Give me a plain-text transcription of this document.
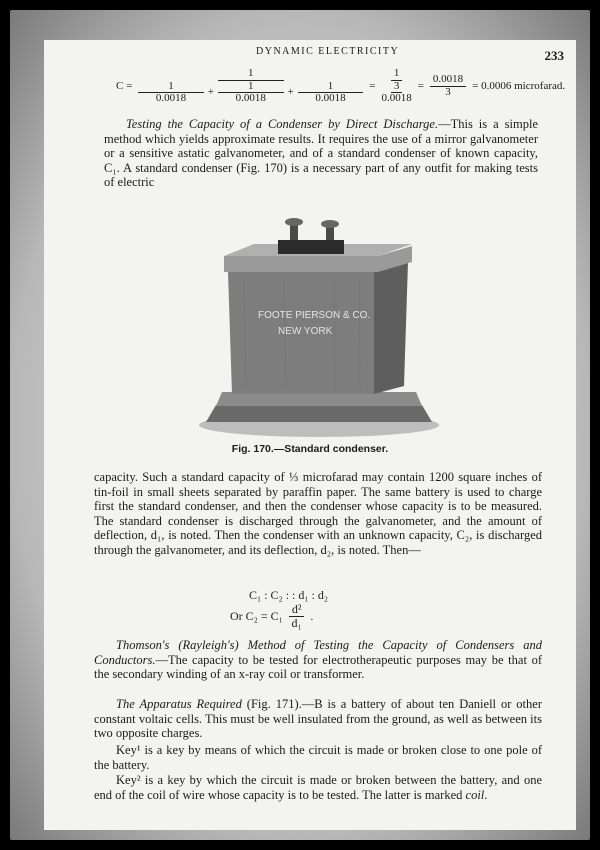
DYNAMIC ELECTRICITY	233
$C = \frac{1}{\frac{1}{0.0018} + \frac{1}{0.0018} + \frac{1}{0.0018}} = \frac{1}{\frac{3}{0.0018}} = \frac{0.0018}{3} = 0.0006$ microfarad.

Testing the Capacity of a Condenser by Direct Discharge.—This is a simple method which yields approximate results. It requires the use of a mirror galvanometer or a sensitive astatic galvanometer, and of a standard condenser of known capacity, C₁. A standard condenser (Fig. 170) is a necessary part of any outfit for making tests of electric

FOOTE PIERSON & CO.
NEW YORK
Fig. 170.—Standard condenser.

capacity. Such a standard capacity of ⅓ microfarad may contain 1200 square inches of tin-foil in small sheets separated by paraffin paper. The same battery is used to charge first the standard condenser, and then the condenser whose capacity is to be measured. The standard condenser is discharged through the galvanometer, and the amount of deflection, d₁, is noted. Then the condenser with an unknown capacity, C₂, is discharged through the galvanometer, and its deflection, d₂, is noted. Then—

C₁ : C₂ : : d₁ : d₂
Or $C_2 = C_1 \frac{\text{d²}}{\text{d₁}}$ .

Thomson's (Rayleigh's) Method of Testing the Capacity of Condensers and Conductors.—The capacity to be tested for electrotherapeutic purposes may be that of the secondary winding of an x-ray coil or transformer.

The Apparatus Required (Fig. 171).—B is a battery of about ten Daniell or other constant voltaic cells. This must be well insulated from the ground, as well as between its two opposite charges.

Key¹ is a key by means of which the circuit is made or broken close to one pole of the battery.

Key² is a key by which the circuit is made or broken between the battery, and one end of the coil of wire whose capacity is to be tested. The latter is marked coil.
